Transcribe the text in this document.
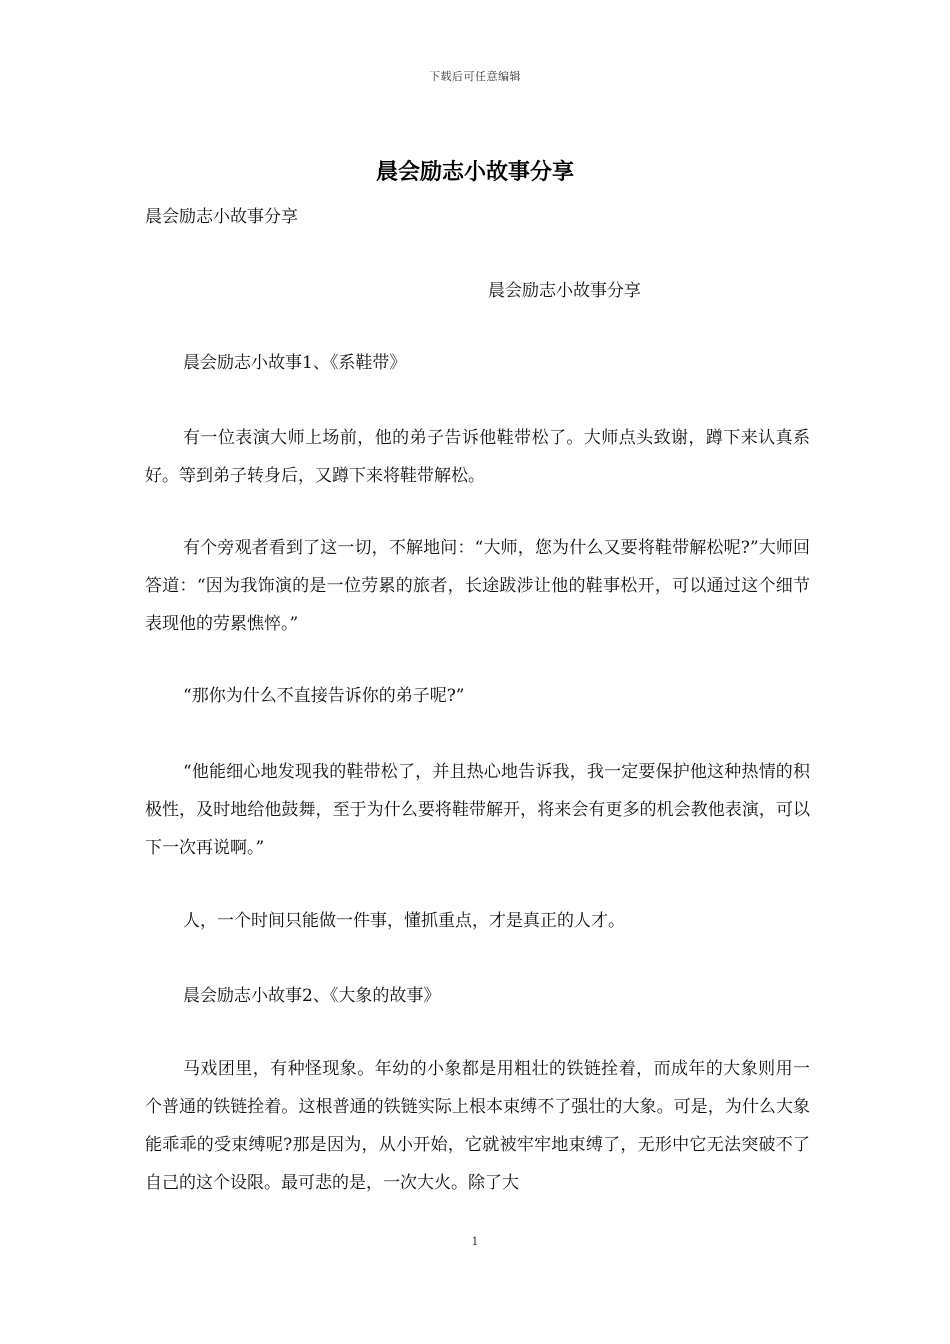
下载后可任意编辑
晨会励志小故事分享
晨会励志小故事分享
晨会励志小故事分享

晨会励志小故事1、《系鞋带》

有一位表演大师上场前，他的弟子告诉他鞋带松了。大师点头致谢，蹲下来认真系好。等到弟子转身后，又蹲下来将鞋带解松。

有个旁观者看到了这一切，不解地问：“大师，您为什么又要将鞋带解松呢?”大师回答道：“因为我饰演的是一位劳累的旅者，长途跋涉让他的鞋事松开，可以通过这个细节表现他的劳累憔悴。”

“那你为什么不直接告诉你的弟子呢?”

“他能细心地发现我的鞋带松了，并且热心地告诉我，我一定要保护他这种热情的积极性，及时地给他鼓舞，至于为什么要将鞋带解开，将来会有更多的机会教他表演，可以下一次再说啊。”

人，一个时间只能做一件事，懂抓重点，才是真正的人才。

晨会励志小故事2、《大象的故事》

马戏团里，有种怪现象。年幼的小象都是用粗壮的铁链拴着，而成年的大象则用一个普通的铁链拴着。这根普通的铁链实际上根本束缚不了强壮的大象。可是，为什么大象能乖乖的受束缚呢?那是因为，从小开始，它就被牢牢地束缚了，无形中它无法突破不了自己的这个设限。最可悲的是，一次大火。除了大

1
